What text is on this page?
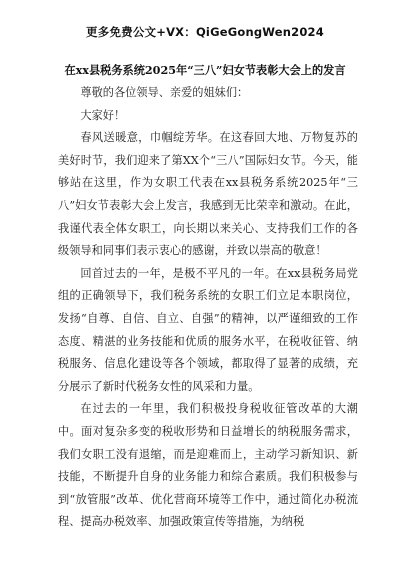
更多免费公文+VX：QiGeGongWen2024
在xx县税务系统2025年“三八”妇女节表彰大会上的发言

尊敬的各位领导、亲爱的姐妹们：

大家好！

春风送暖意，巾帼绽芳华。在这春回大地、万物复苏的美好时节，我们迎来了第XX个“三八”国际妇女节。今天，能够站在这里，作为女职工代表在xx县税务系统2025年“三八”妇女节表彰大会上发言，我感到无比荣幸和激动。在此，我谨代表全体女职工，向长期以来关心、支持我们工作的各级领导和同事们表示衷心的感谢，并致以崇高的敬意！

回首过去的一年，是极不平凡的一年。在xx县税务局党组的正确领导下，我们税务系统的女职工们立足本职岗位，发扬“自尊、自信、自立、自强”的精神，以严谨细致的工作态度、精湛的业务技能和优质的服务水平，在税收征管、纳税服务、信息化建设等各个领域，都取得了显著的成绩，充分展示了新时代税务女性的风采和力量。

在过去的一年里，我们积极投身税收征管改革的大潮中。面对复杂多变的税收形势和日益增长的纳税服务需求，我们女职工没有退缩，而是迎难而上，主动学习新知识、新技能，不断提升自身的业务能力和综合素质。我们积极参与到“放管服”改革、优化营商环境等工作中，通过简化办税流程、提高办税效率、加强政策宣传等措施，为纳税
